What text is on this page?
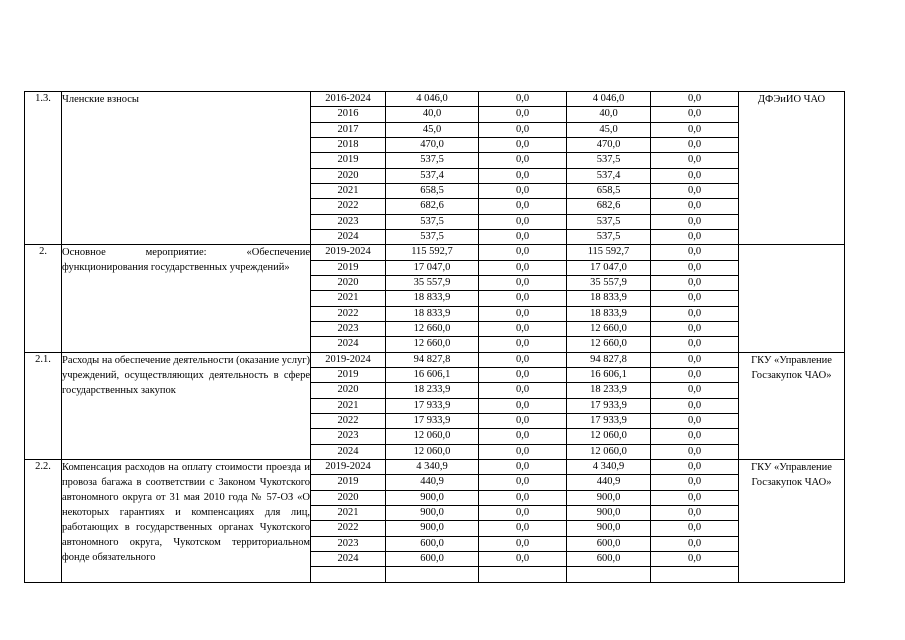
1.3.	Членские взносы	2016-2024	4 046,0	0,0	4 046,0	0,0	ДФЭиИО ЧАО
		2016	40,0	0,0	40,0	0,0	
		2017	45,0	0,0	45,0	0,0	
		2018	470,0	0,0	470,0	0,0	
		2019	537,5	0,0	537,5	0,0	
		2020	537,4	0,0	537,4	0,0	
		2021	658,5	0,0	658,5	0,0	
		2022	682,6	0,0	682,6	0,0	
		2023	537,5	0,0	537,5	0,0	
		2024	537,5	0,0	537,5	0,0	
2.	Основное мероприятие: «Обеспечение функционирования государственных учреждений»	2019-2024	115 592,7	0,0	115 592,7	0,0	
		2019	17 047,0	0,0	17 047,0	0,0	
		2020	35 557,9	0,0	35 557,9	0,0	
		2021	18 833,9	0,0	18 833,9	0,0	
		2022	18 833,9	0,0	18 833,9	0,0	
		2023	12 660,0	0,0	12 660,0	0,0	
		2024	12 660,0	0,0	12 660,0	0,0	
2.1.	Расходы на обеспечение деятельности (оказание услуг) учреждений, осуществляющих деятельность в сфере государственных закупок	2019-2024	94 827,8	0,0	94 827,8	0,0	ГКУ «Управление Госзакупок ЧАО»
		2019	16 606,1	0,0	16 606,1	0,0	
		2020	18 233,9	0,0	18 233,9	0,0	
		2021	17 933,9	0,0	17 933,9	0,0	
		2022	17 933,9	0,0	17 933,9	0,0	
		2023	12 060,0	0,0	12 060,0	0,0	
		2024	12 060,0	0,0	12 060,0	0,0	
2.2.	Компенсация расходов на оплату стоимости проезда и провоза багажа в соответствии с Законом Чукотского автономного округа от 31 мая 2010 года № 57-ОЗ «О некоторых гарантиях и компенсациях для лиц, работающих в государственных органах Чукотского автономного округа, Чукотском территориальном фонде обязательного	2019-2024	4 340,9	0,0	4 340,9	0,0	ГКУ «Управление Госзакупок ЧАО»
		2019	440,9	0,0	440,9	0,0	
		2020	900,0	0,0	900,0	0,0	
		2021	900,0	0,0	900,0	0,0	
		2022	900,0	0,0	900,0	0,0	
		2023	600,0	0,0	600,0	0,0	
		2024	600,0	0,0	600,0	0,0	
